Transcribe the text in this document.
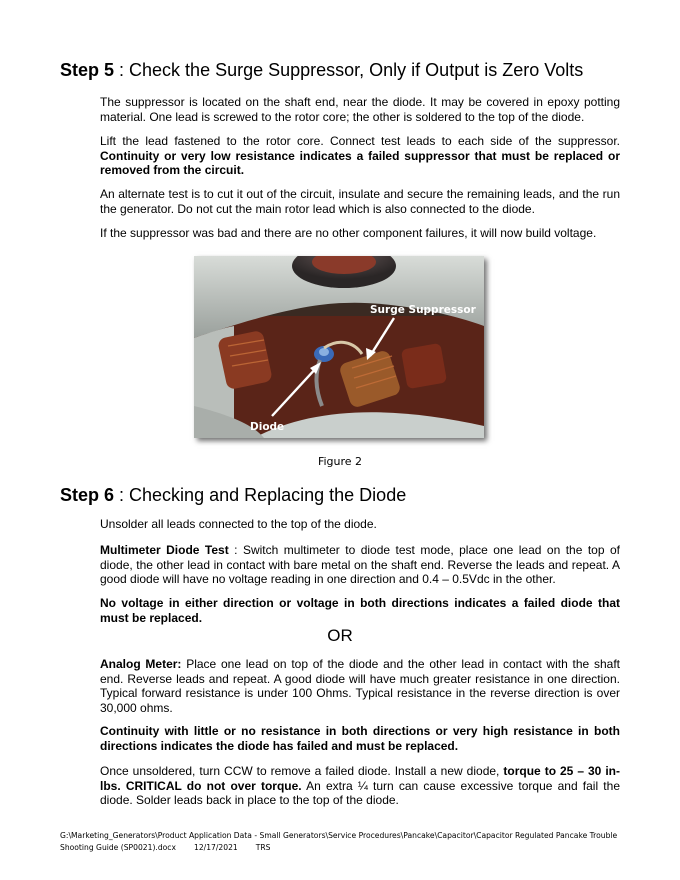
Step 5 : Check the Surge Suppressor, Only if Output is Zero Volts

The suppressor is located on the shaft end, near the diode. It may be covered in epoxy potting material. One lead is screwed to the rotor core; the other is soldered to the top of the diode.

Lift the lead fastened to the rotor core. Connect test leads to each side of the suppressor. Continuity or very low resistance indicates a failed suppressor that must be replaced or removed from the circuit.

An alternate test is to cut it out of the circuit, insulate and secure the remaining leads, and the run the generator. Do not cut the main rotor lead which is also connected to the diode.

If the suppressor was bad and there are no other component failures, it will now build voltage.

Surge Suppressor
Diode
Figure 2
Step 6 : Checking and Replacing the Diode

Unsolder all leads connected to the top of the diode.

Multimeter Diode Test : Switch multimeter to diode test mode, place one lead on the top of diode, the other lead in contact with bare metal on the shaft end. Reverse the leads and repeat. A good diode will have no voltage reading in one direction and 0.4 – 0.5Vdc in the other.

No voltage in either direction or voltage in both directions indicates a failed diode that must be replaced.

OR

Analog Meter: Place one lead on top of the diode and the other lead in contact with the shaft end. Reverse leads and repeat. A good diode will have much greater resistance in one direction. Typical forward resistance is under 100 Ohms. Typical resistance in the reverse direction is over 30,000 ohms.

Continuity with little or no resistance in both directions or very high resistance in both directions indicates the diode has failed and must be replaced.

Once unsoldered, turn CCW to remove a failed diode. Install a new diode, torque to 25 – 30 in-lbs. CRITICAL do not over torque. An extra ¼ turn can cause excessive torque and fail the diode. Solder leads back in place to the top of the diode.

G:\Marketing_Generators\Product Application Data - Small Generators\Service Procedures\Pancake\Capacitor\Capacitor Regulated Pancake Trouble Shooting Guide (SP0021).docx 12/17/2021 TRS
